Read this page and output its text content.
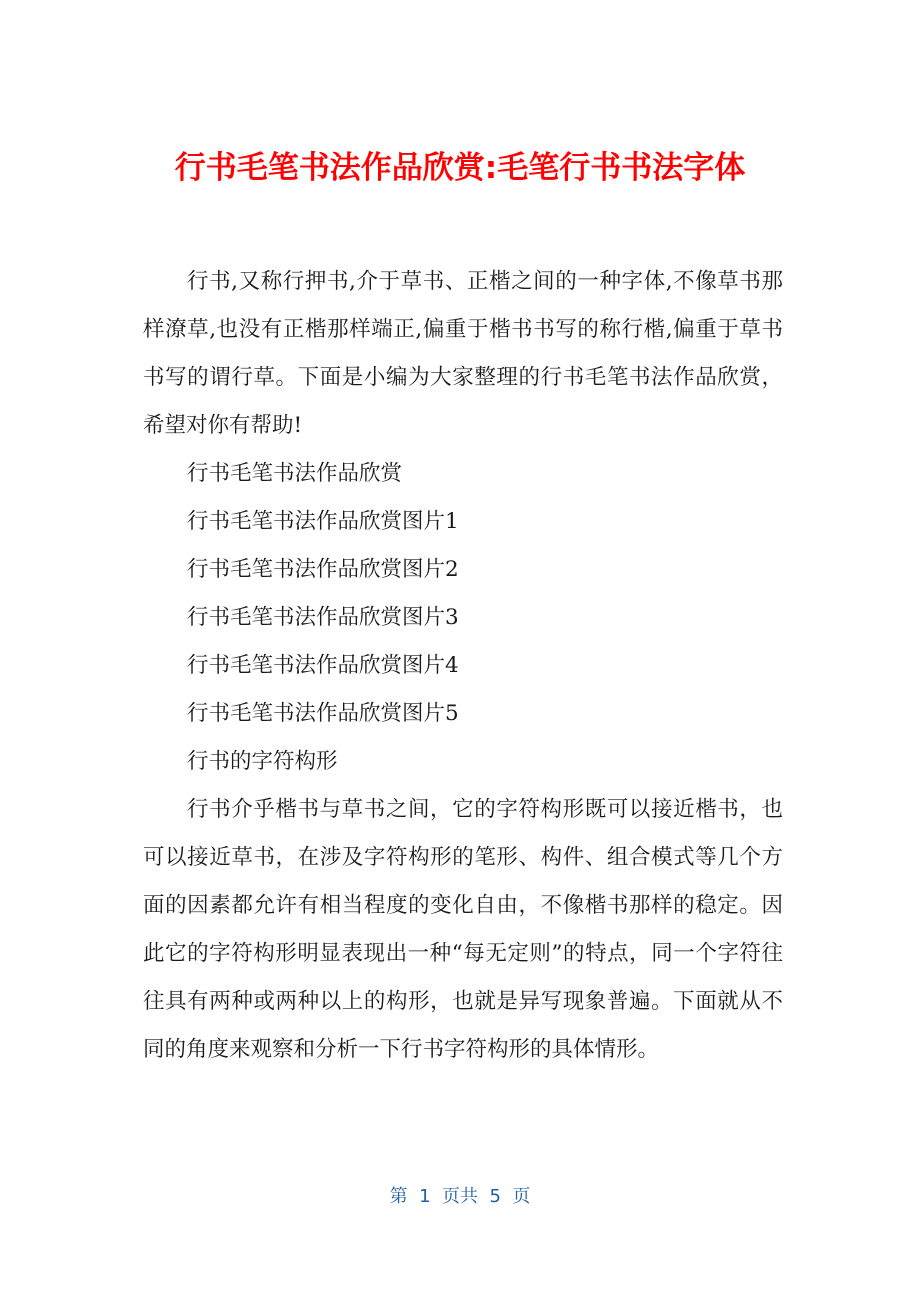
行书毛笔书法作品欣赏:毛笔行书书法字体

行书,又称行押书,介于草书、正楷之间的一种字体,不像草书那样潦草,也没有正楷那样端正,偏重于楷书书写的称行楷,偏重于草书书写的谓行草。下面是小编为大家整理的行书毛笔书法作品欣赏，希望对你有帮助!

行书毛笔书法作品欣赏

行书毛笔书法作品欣赏图片1

行书毛笔书法作品欣赏图片2

行书毛笔书法作品欣赏图片3

行书毛笔书法作品欣赏图片4

行书毛笔书法作品欣赏图片5

行书的字符构形

行书介乎楷书与草书之间，它的字符构形既可以接近楷书，也可以接近草书，在涉及字符构形的笔形、构件、组合模式等几个方面的因素都允许有相当程度的变化自由，不像楷书那样的稳定。因此它的字符构形明显表现出一种“每无定则”的特点，同一个字符往往具有两种或两种以上的构形，也就是异写现象普遍。下面就从不同的角度来观察和分析一下行书字符构形的具体情形。

第  1  页共  5  页
